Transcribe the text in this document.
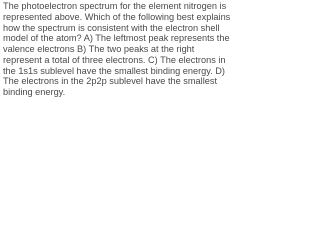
The photoelectron spectrum for the element nitrogen is represented above. Which of the following best explains how the spectrum is consistent with the electron shell model of the atom? A) The leftmost peak represents the valence electrons B) The two peaks at the right represent a total of three electrons. C) The electrons in the 1s1s sublevel have the smallest binding energy. D) The electrons in the 2p2p sublevel have the smallest binding energy.
